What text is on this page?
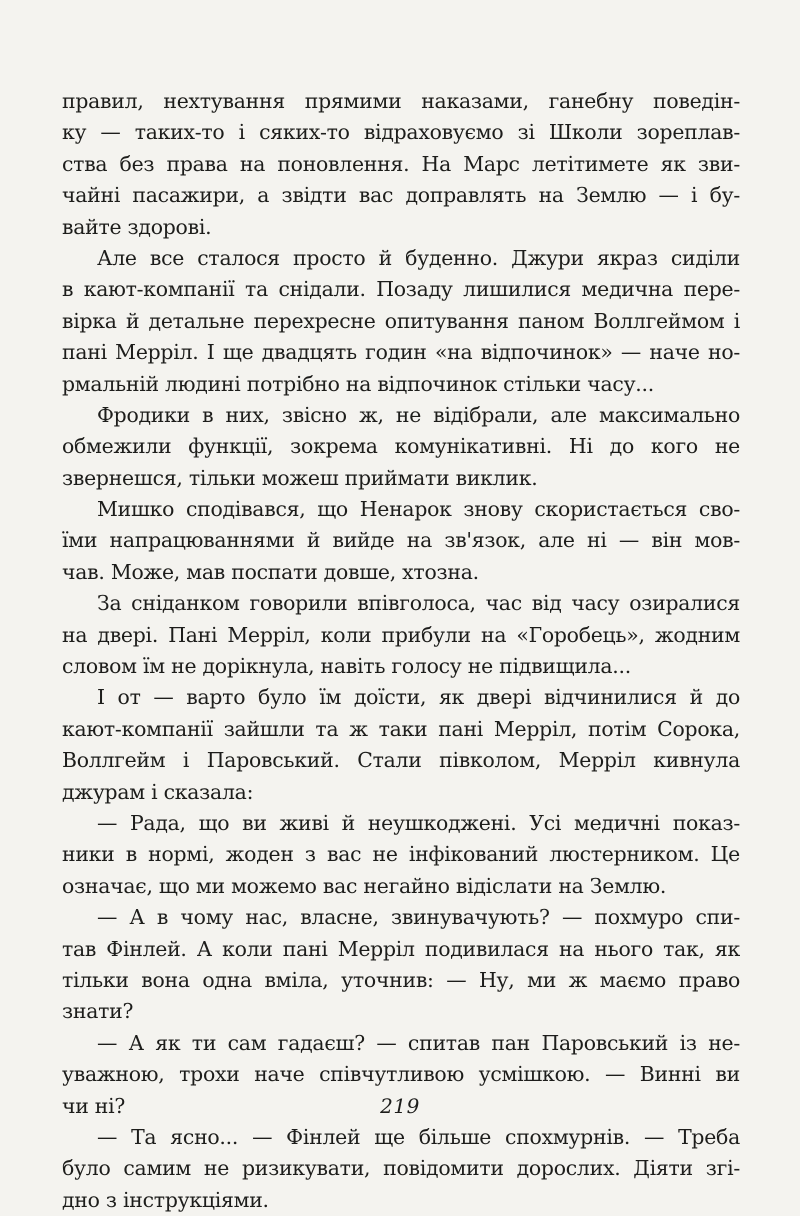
правил, нехтування прямими наказами, ганебну поведін-
ку — таких-то і сяких-то відраховуємо зі Школи зореплав-
ства без права на поновлення. На Марс летітимете як зви-
чайні пасажири, а звідти вас доправлять на Землю — і бу-
вайте здорові.
Але все сталося просто й буденно. Джури якраз сиділи
в кают-компанії та снідали. Позаду лишилися медична пере-
вірка й детальне перехресне опитування паном Воллгеймом і
пані Мерріл. І ще двадцять годин «на відпочинок» — наче но-
рмальній людині потрібно на відпочинок стільки часу...
Фродики в них, звісно ж, не відібрали, але максимально
обмежили функції, зокрема комунікативні. Ні до кого не
звернешся, тільки можеш приймати виклик.
Мишко сподівався, що Ненарок знову скористається сво-
їми напрацюваннями й вийде на зв'язок, але ні — він мов-
чав. Може, мав поспати довше, хтозна.
За сніданком говорили впівголоса, час від часу озиралися
на двері. Пані Мерріл, коли прибули на «Горобець», жодним
словом їм не дорікнула, навіть голосу не підвищила...
І от — варто було їм доїсти, як двері відчинилися й до
кают-компанії зайшли та ж таки пані Мерріл, потім Сорока,
Воллгейм і Паровський. Стали півколом, Мерріл кивнула
джурам і сказала:
— Рада, що ви живі й неушкоджені. Усі медичні показ-
ники в нормі, жоден з вас не інфікований люстерником. Це
означає, що ми можемо вас негайно відіслати на Землю.
— А в чому нас, власне, звинувачують? — похмуро спи-
тав Фінлей. А коли пані Мерріл подивилася на нього так, як
тільки вона одна вміла, уточнив: — Ну, ми ж маємо право
знати?
— А як ти сам гадаєш? — спитав пан Паровський із не-
уважною, трохи наче співчутливою усмішкою. — Винні ви
чи ні?
— Та ясно... — Фінлей ще більше спохмурнів. — Треба
було самим не ризикувати, повідомити дорослих. Діяти згі-
дно з інструкціями.
219
